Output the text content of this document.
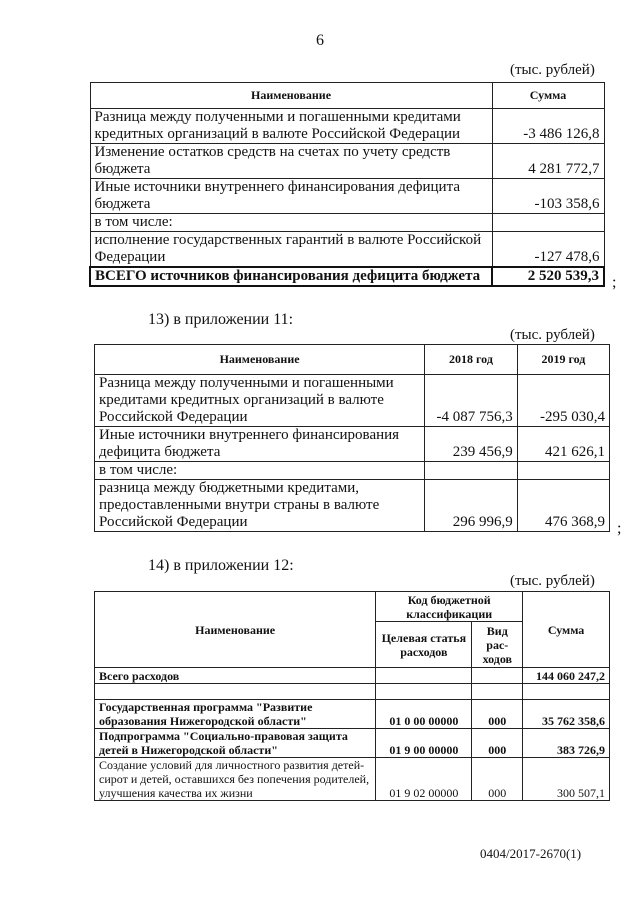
6
(тыс. рублей)
Наименование	Сумма
Разница между полученными и погашенными кредитами кредитных организаций в валюте Российской Федерации	-3 486 126,8
Изменение остатков средств на счетах по учету средств бюджета	4 281 772,7
Иные источники внутреннего финансирования дефицита бюджета	-103 358,6
в том числе:	
исполнение государственных гарантий в валюте Российской Федерации	-127 478,6
ВСЕГО источников финансирования дефицита бюджета	2 520 539,3 ;
13) в приложении 11:
(тыс. рублей)
Наименование	2018 год	2019 год
Разница между полученными и погашенными кредитами кредитных организаций в валюте Российской Федерации	-4 087 756,3	-295 030,4
Иные источники внутреннего финансирования дефицита бюджета	239 456,9	421 626,1
в том числе:		
разница между бюджетными кредитами, предоставленными внутри страны в валюте Российской Федерации	296 996,9	476 368,9 ;
14) в приложении 12:
(тыс. рублей)
Наименование	Код бюджетной классификации		Сумма
	Целевая статья расходов	Вид рас-ходов	
Всего расходов			144 060 247,2

Государственная программа "Развитие образования Нижегородской области"	01 0 00 00000	000	35 762 358,6
Подпрограмма "Социально-правовая защита детей в Нижегородской области"	01 9 00 00000	000	383 726,9
Создание условий для личностного развития детей-сирот и детей, оставшихся без попечения родителей, улучшения качества их жизни	01 9 02 00000	000	300 507,1
0404/2017-2670(1)
